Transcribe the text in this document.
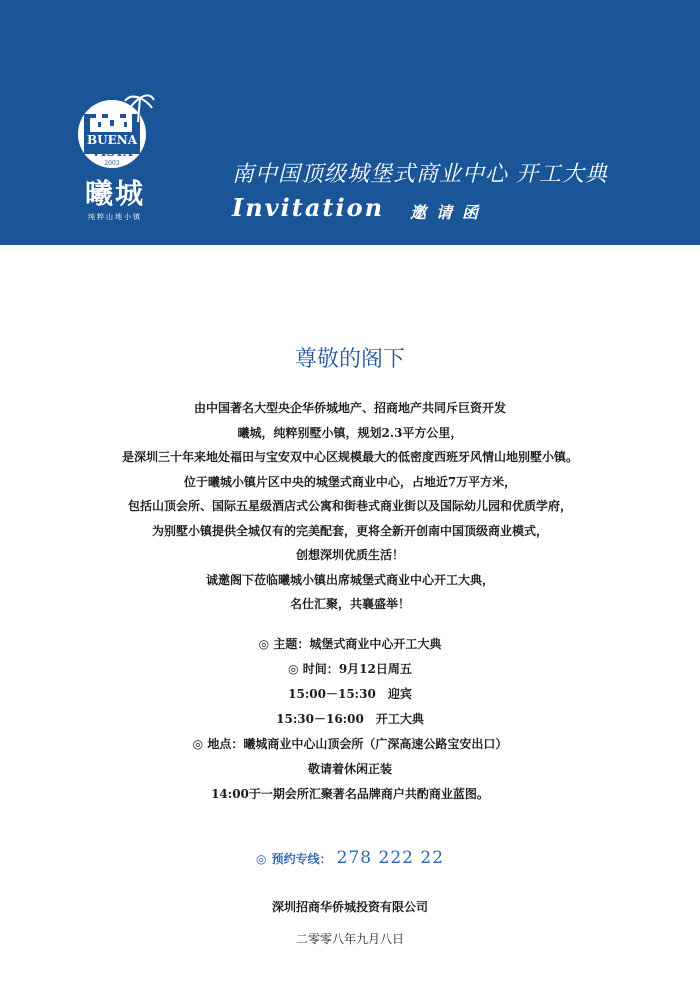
BUENA
VISTA
2003
曦城
纯粹山地小镇
南中国顶级城堡式商业中心 开工大典
Invitation 邀请函
尊敬的阁下
由中国著名大型央企华侨城地产、招商地产共同斥巨资开发
曦城，纯粹别墅小镇，规划2.3平方公里，
是深圳三十年来地处福田与宝安双中心区规模最大的低密度西班牙风情山地别墅小镇。
位于曦城小镇片区中央的城堡式商业中心，占地近7万平方米，
包括山顶会所、国际五星级酒店式公寓和街巷式商业街以及国际幼儿园和优质学府，
为别墅小镇提供全城仅有的完美配套，更将全新开创南中国顶级商业模式，
创想深圳优质生活！
诚邀阁下莅临曦城小镇出席城堡式商业中心开工大典，
名仕汇聚，共襄盛举！
◎ 主题：城堡式商业中心开工大典
◎ 时间：9月12日周五
15:00－15:30　迎宾
15:30－16:00　开工大典
◎ 地点：曦城商业中心山顶会所（广深高速公路宝安出口）
敬请着休闲正装
14:00于一期会所汇聚著名品牌商户共酌商业蓝图。
◎ 预约专线： 278 222 22
深圳招商华侨城投资有限公司
二零零八年九月八日
